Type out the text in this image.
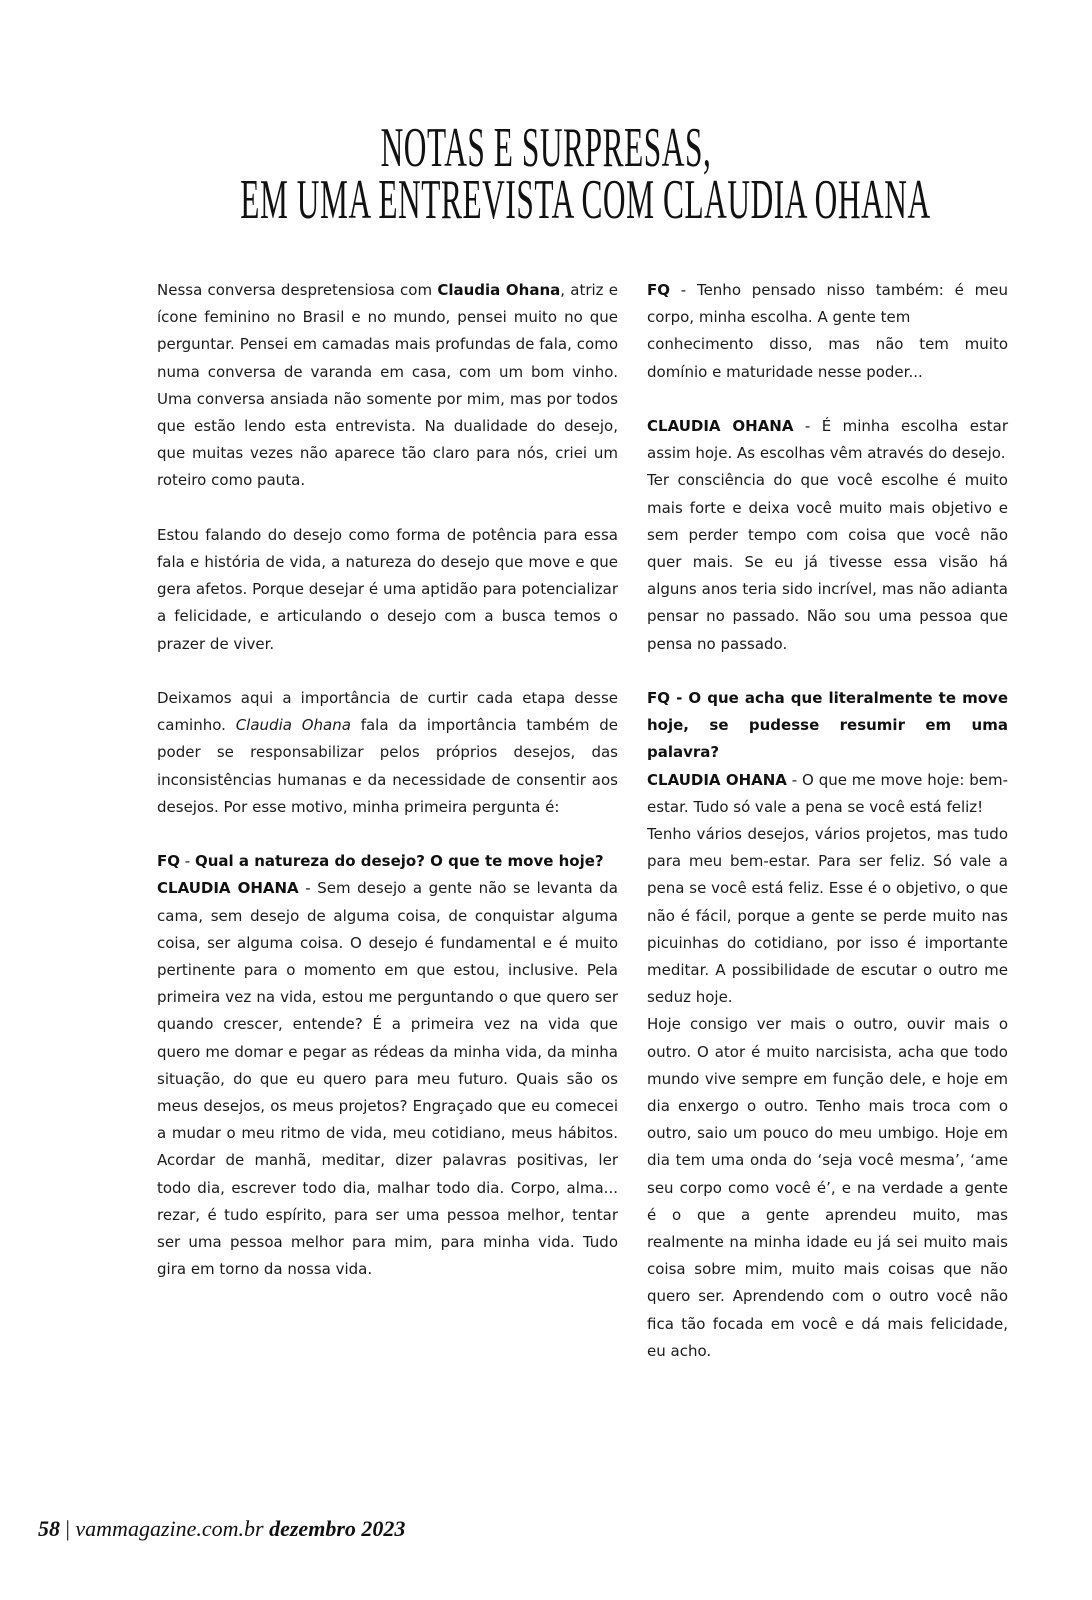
NOTAS E SURPRESAS,
EM UMA ENTREVISTA COM CLAUDIA OHANA

Nessa conversa despretensiosa com Claudia Ohana, atriz e ícone feminino no Brasil e no mundo, pensei muito no que perguntar. Pensei em camadas mais profundas de fala, como numa conversa de varanda em casa, com um bom vinho. Uma conversa ansiada não somente por mim, mas por todos que estão lendo esta entrevista. Na dualidade do desejo, que muitas vezes não aparece tão claro para nós, criei um roteiro como pauta.

Estou falando do desejo como forma de potência para essa fala e história de vida, a natureza do desejo que move e que gera afetos. Porque desejar é uma aptidão para potencializar a felicidade, e articulando o desejo com a busca temos o prazer de viver.

Deixamos aqui a importância de curtir cada etapa desse caminho. Claudia Ohana fala da importância também de poder se responsabilizar pelos próprios desejos, das inconsistências humanas e da necessidade de consentir aos desejos. Por esse motivo, minha primeira pergunta é:

FQ - Qual a natureza do desejo? O que te move hoje?

CLAUDIA OHANA - Sem desejo a gente não se levanta da cama, sem desejo de alguma coisa, de conquistar alguma coisa, ser alguma coisa. O desejo é fundamental e é muito pertinente para o momento em que estou, inclusive. Pela primeira vez na vida, estou me perguntando o que quero ser quando crescer, entende? É a primeira vez na vida que quero me domar e pegar as rédeas da minha vida, da minha situação, do que eu quero para meu futuro. Quais são os meus desejos, os meus projetos? Engraçado que eu comecei a mudar o meu ritmo de vida, meu cotidiano, meus hábitos. Acordar de manhã, meditar, dizer palavras positivas, ler todo dia, escrever todo dia, malhar todo dia. Corpo, alma... rezar, é tudo espírito, para ser uma pessoa melhor, tentar ser uma pessoa melhor para mim, para minha vida. Tudo gira em torno da nossa vida.

FQ - Tenho pensado nisso também: é meu corpo, minha escolha. A gente tem

conhecimento disso, mas não tem muito domínio e maturidade nesse poder...

CLAUDIA OHANA - É minha escolha estar assim hoje. As escolhas vêm através do desejo.

Ter consciência do que você escolhe é muito mais forte e deixa você muito mais objetivo e sem perder tempo com coisa que você não quer mais. Se eu já tivesse essa visão há alguns anos teria sido incrível, mas não adianta pensar no passado. Não sou uma pessoa que pensa no passado.

FQ - O que acha que literalmente te move hoje, se pudesse resumir em uma palavra?

CLAUDIA OHANA - O que me move hoje: bem-estar. Tudo só vale a pena se você está feliz!

Tenho vários desejos, vários projetos, mas tudo para meu bem-estar. Para ser feliz. Só vale a pena se você está feliz. Esse é o objetivo, o que não é fácil, porque a gente se perde muito nas picuinhas do cotidiano, por isso é importante meditar. A possibilidade de escutar o outro me seduz hoje.

Hoje consigo ver mais o outro, ouvir mais o outro. O ator é muito narcisista, acha que todo mundo vive sempre em função dele, e hoje em dia enxergo o outro. Tenho mais troca com o outro, saio um pouco do meu umbigo. Hoje em dia tem uma onda do ‘seja você mesma’, ‘ame seu corpo como você é’, e na verdade a gente é o que a gente aprendeu muito, mas realmente na minha idade eu já sei muito mais coisa sobre mim, muito mais coisas que não quero ser. Aprendendo com o outro você não fica tão focada em você e dá mais felicidade, eu acho.

58 | vammagazine.com.br dezembro 2023
